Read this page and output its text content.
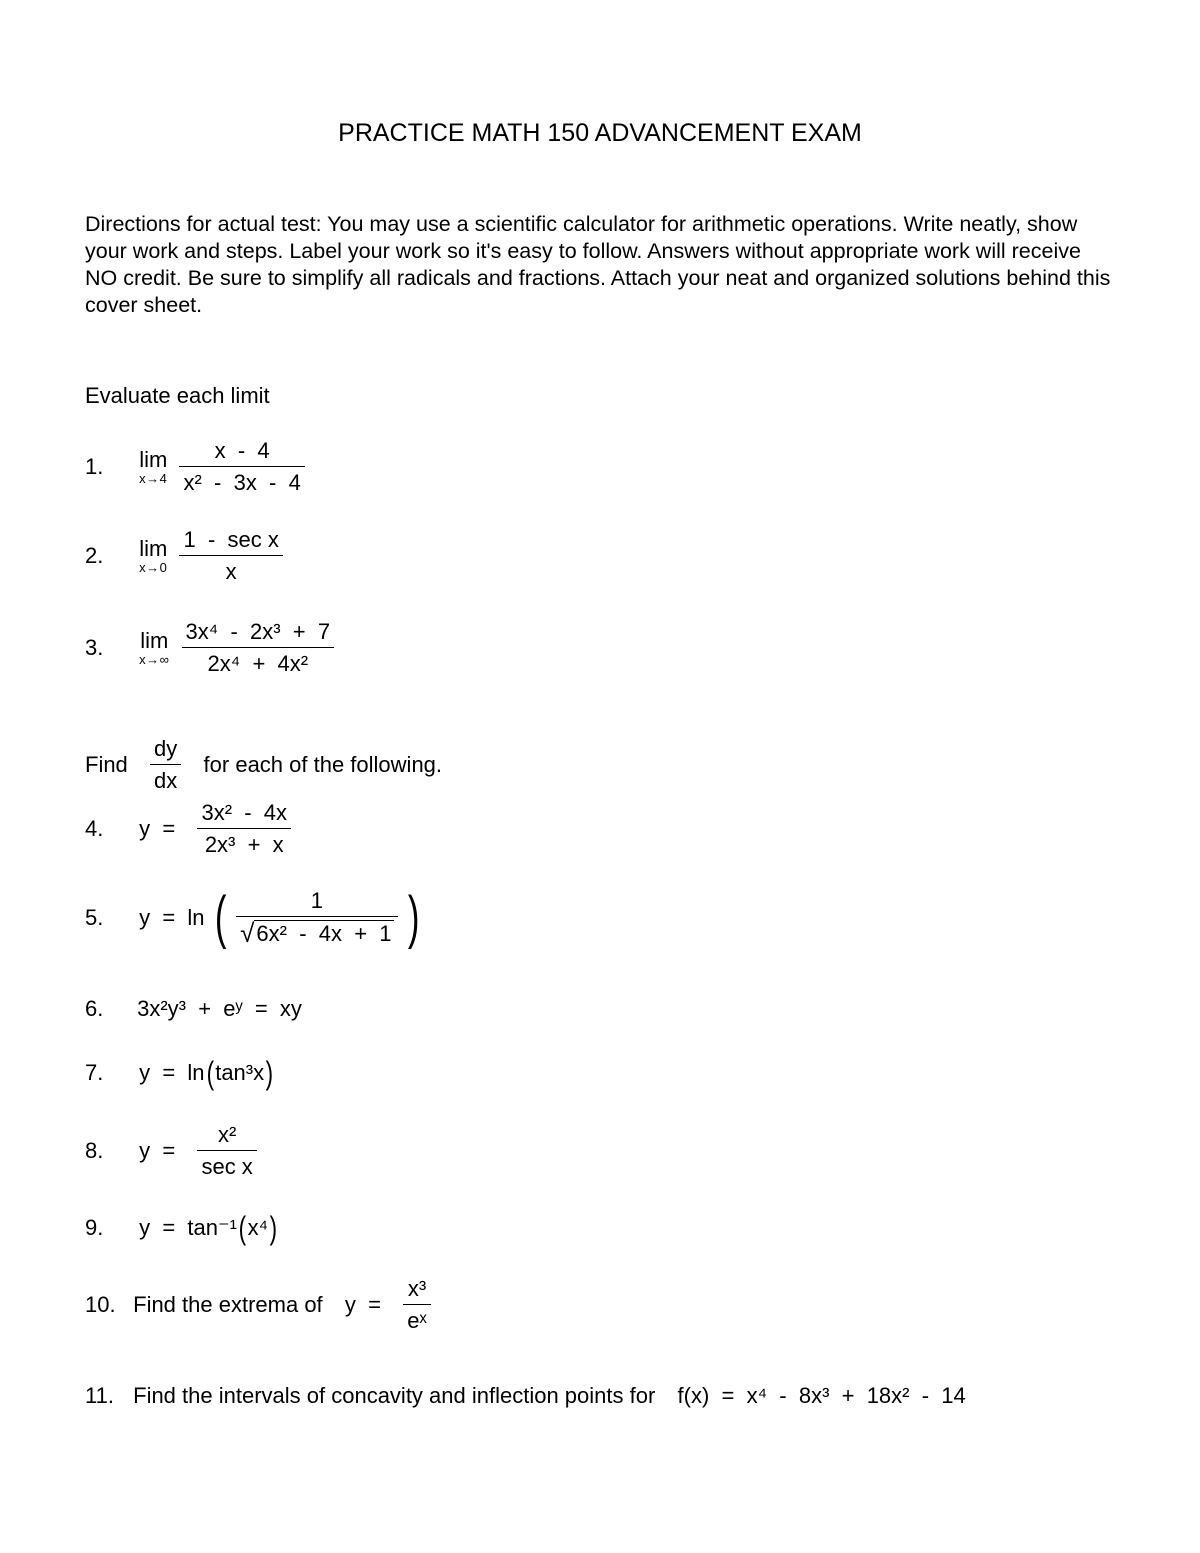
PRACTICE MATH 150 ADVANCEMENT EXAM
Directions for actual test: You may use a scientific calculator for arithmetic operations. Write neatly, show your work and steps. Label your work so it's easy to follow. Answers without appropriate work will receive NO credit. Be sure to simplify all radicals and fractions. Attach your neat and organized solutions behind this cover sheet.
Evaluate each limit
1. lim
x→4
$\frac{x - 4}{\text{x²  -  3x  -  4}}$
2. lim
x→0
$\frac{\text{1  -  sec x}}{x}$
3. lim
x→∞
$\frac{\text{3x⁴  -  2x³  +  7}}{\text{2x⁴  +  4x²}}$
Find $\frac{dy}{dx}$ for each of the following.
4. $y = \frac{\text{3x²  -  4x}}{\text{2x³  +  x}}$
5. y  =  ln ( $\frac{1}{\text{√ 6x²  -  4x  +  1}}$ )
6. 3x²y³  +  eʸ  =  xy
7. y  =  ln(tan³x)
8. $y = \frac{\text{x²}}{\text{sec x}}$
9. y  =  tan⁻¹(x⁴)
10. Find the extrema of $y = \frac{\text{x³}}{\text{eˣ}}$
11. Find the intervals of concavity and inflection points for f(x)  =  x⁴  -  8x³  +  18x²  -  14
